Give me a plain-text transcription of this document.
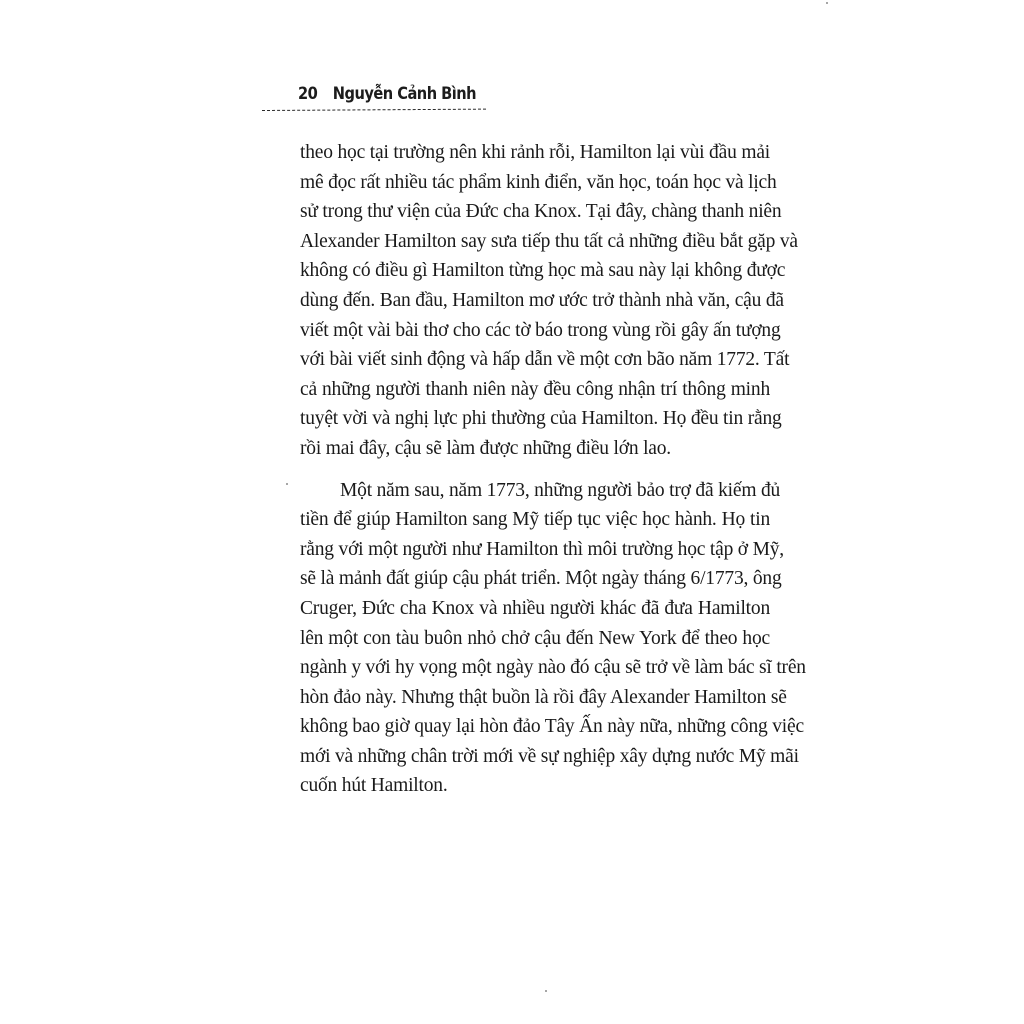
20 Nguyễn Cảnh Bình
theo học tại trường nên khi rảnh rỗi, Hamilton lại vùi đầu mải
mê đọc rất nhiều tác phẩm kinh điển, văn học, toán học và lịch
sử trong thư viện của Đức cha Knox. Tại đây, chàng thanh niên
Alexander Hamilton say sưa tiếp thu tất cả những điều bắt gặp và
không có điều gì Hamilton từng học mà sau này lại không được
dùng đến. Ban đầu, Hamilton mơ ước trở thành nhà văn, cậu đã
viết một vài bài thơ cho các tờ báo trong vùng rồi gây ấn tượng
với bài viết sinh động và hấp dẫn về một cơn bão năm 1772. Tất
cả những người thanh niên này đều công nhận trí thông minh
tuyệt vời và nghị lực phi thường của Hamilton. Họ đều tin rằng
rồi mai đây, cậu sẽ làm được những điều lớn lao.
Một năm sau, năm 1773, những người bảo trợ đã kiếm đủ
tiền để giúp Hamilton sang Mỹ tiếp tục việc học hành. Họ tin
rằng với một người như Hamilton thì môi trường học tập ở Mỹ,
sẽ là mảnh đất giúp cậu phát triển. Một ngày tháng 6/1773, ông
Cruger, Đức cha Knox và nhiều người khác đã đưa Hamilton
lên một con tàu buôn nhỏ chở cậu đến New York để theo học
ngành y với hy vọng một ngày nào đó cậu sẽ trở về làm bác sĩ trên
hòn đảo này. Nhưng thật buồn là rồi đây Alexander Hamilton sẽ
không bao giờ quay lại hòn đảo Tây Ấn này nữa, những công việc
mới và những chân trời mới về sự nghiệp xây dựng nước Mỹ mãi
cuốn hút Hamilton.
